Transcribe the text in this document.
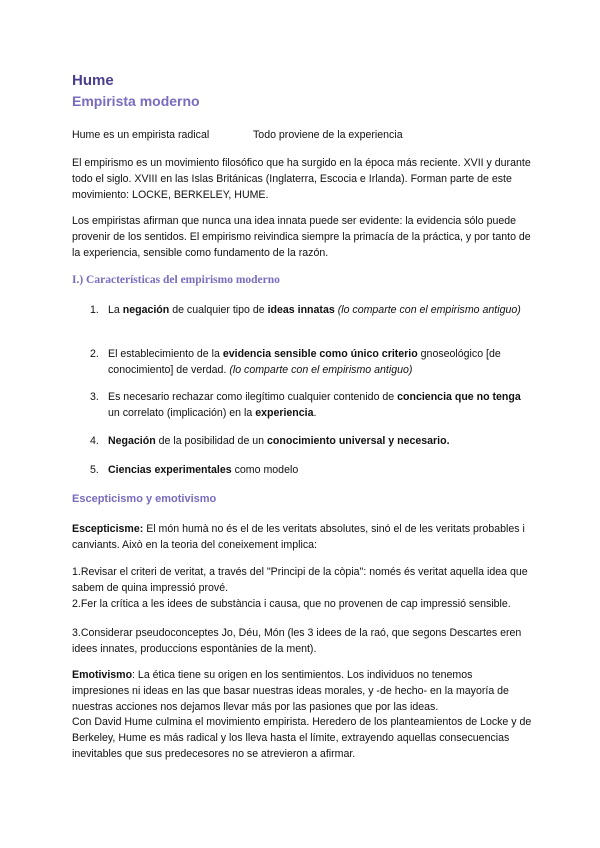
Hume
Empirista moderno

Hume es un empirista radical	Todo proviene de la experiencia

El empirismo es un movimiento filosófico que ha surgido en la época más reciente. XVII y durante todo el siglo. XVIII en las Islas Británicas (Inglaterra, Escocia e Irlanda). Forman parte de este movimiento: LOCKE, BERKELEY, HUME.

Los empiristas afirman que nunca una idea innata puede ser evidente: la evidencia sólo puede provenir de los sentidos. El empirismo reivindica siempre la primacía de la práctica, y por tanto de la experiencia, sensible como fundamento de la razón.

I.) Características del empirismo moderno

1. La negación de cualquier tipo de ideas innatas (lo comparte con el empirismo antiguo)
2. El establecimiento de la evidencia sensible como único criterio gnoseológico [de conocimiento] de verdad. (lo comparte con el empirismo antiguo)
3. Es necesario rechazar como ilegítimo cualquier contenido de conciencia que no tenga un correlato (implicación) en la experiencia.
4. Negación de la posibilidad de un conocimiento universal y necesario.
5. Ciencias experimentales como modelo

Escepticismo y emotivismo

Escepticisme: El món humà no és el de les veritats absolutes, sinó el de les veritats probables i canviants. Això en la teoria del coneixement implica:

1.Revisar el criteri de veritat, a través del "Principi de la còpia": només és veritat aquella idea que sabem de quina impressió prové.

2.Fer la crítica a les idees de substància i causa, que no provenen de cap impressió sensible.

3.Considerar pseudoconceptes Jo, Déu, Món (les 3 idees de la raó, que segons Descartes eren idees innates, produccions espontànies de la ment).

Emotivismo: La ética tiene su origen en los sentimientos. Los individuos no tenemos impresiones ni ideas en las que basar nuestras ideas morales, y -de hecho- en la mayoría de nuestras acciones nos dejamos llevar más por las pasiones que por las ideas.

Con David Hume culmina el movimiento empirista. Heredero de los planteamientos de Locke y de Berkeley, Hume es más radical y los lleva hasta el límite, extrayendo aquellas consecuencias inevitables que sus predecesores no se atrevieron a afirmar.
